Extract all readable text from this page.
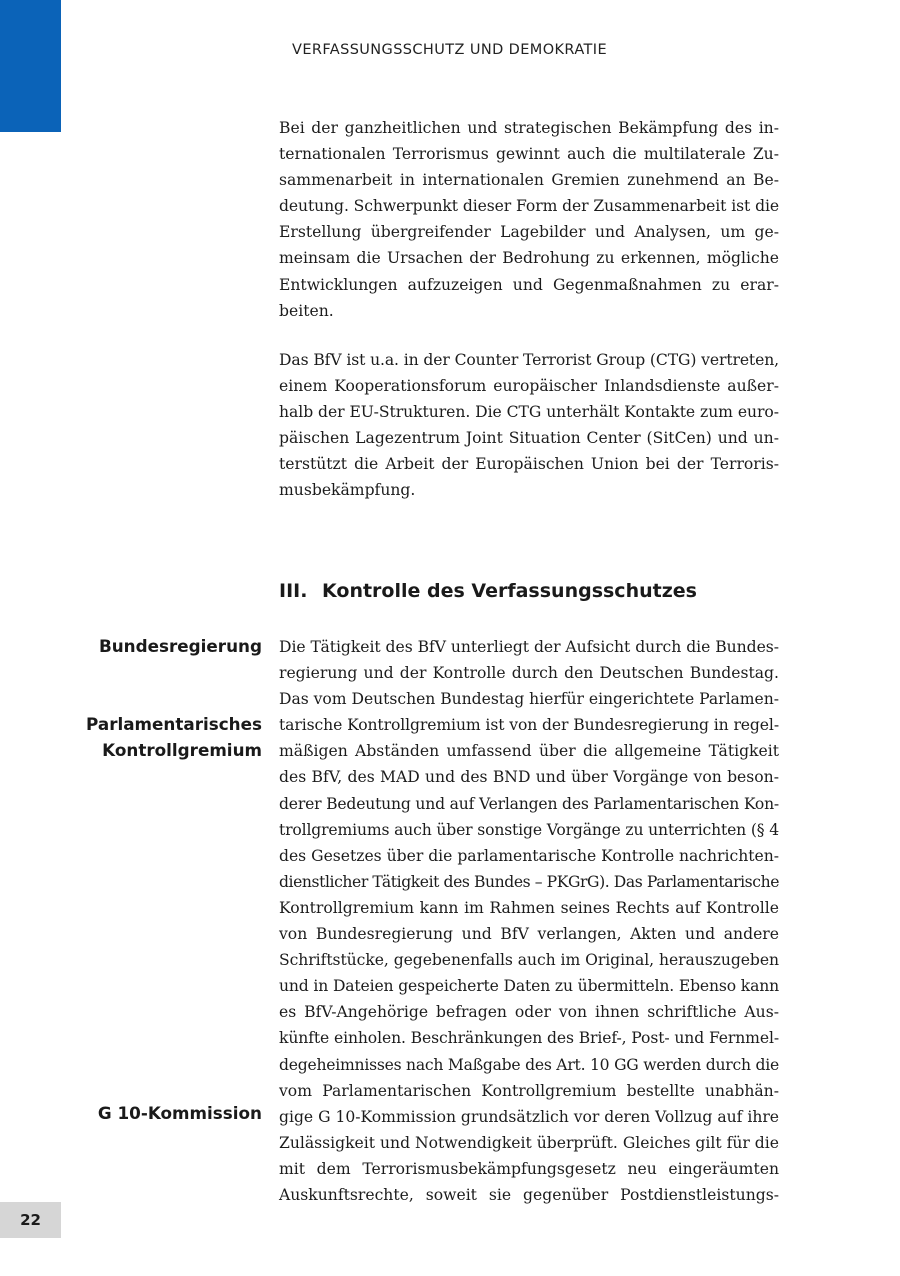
VERFASSUNGSSCHUTZ UND DEMOKRATIE
Bei der ganzheitlichen und strategischen Bekämpfung des in-
ternationalen Terrorismus gewinnt auch die multilaterale Zu-
sammenarbeit in internationalen Gremien zunehmend an Be-
deutung. Schwerpunkt dieser Form der Zusammenarbeit ist die
Erstellung übergreifender Lagebilder und Analysen, um ge-
meinsam die Ursachen der Bedrohung zu erkennen, mögliche
Entwicklungen aufzuzeigen und Gegenmaßnahmen zu erar-
beiten.
Das BfV ist u.a. in der Counter Terrorist Group (CTG) vertreten,
einem Kooperationsforum europäischer Inlandsdienste außer-
halb der EU-Strukturen. Die CTG unterhält Kontakte zum euro-
päischen Lagezentrum Joint Situation Center (SitCen) und un-
terstützt die Arbeit der Europäischen Union bei der Terroris-
musbekämpfung.
III. Kontrolle des Verfassungsschutzes
Bundesregierung
Parlamentarisches
Kontrollgremium
G 10-Kommission
Die Tätigkeit des BfV unterliegt der Aufsicht durch die Bundes-
regierung und der Kontrolle durch den Deutschen Bundestag.
Das vom Deutschen Bundestag hierfür eingerichtete Parlamen-
tarische Kontrollgremium ist von der Bundesregierung in regel-
mäßigen Abständen umfassend über die allgemeine Tätigkeit
des BfV, des MAD und des BND und über Vorgänge von beson-
derer Bedeutung und auf Verlangen des Parlamentarischen Kon-
trollgremiums auch über sonstige Vorgänge zu unterrichten (§ 4
des Gesetzes über die parlamentarische Kontrolle nachrichten-
dienstlicher Tätigkeit des Bundes – PKGrG). Das Parlamentarische
Kontrollgremium kann im Rahmen seines Rechts auf Kontrolle
von Bundesregierung und BfV verlangen, Akten und andere
Schriftstücke, gegebenenfalls auch im Original, herauszugeben
und in Dateien gespeicherte Daten zu übermitteln. Ebenso kann
es BfV-Angehörige befragen oder von ihnen schriftliche Aus-
künfte einholen. Beschränkungen des Brief-, Post- und Fernmel-
degeheimnisses nach Maßgabe des Art. 10 GG werden durch die
vom Parlamentarischen Kontrollgremium bestellte unabhän-
gige G 10-Kommission grundsätzlich vor deren Vollzug auf ihre
Zulässigkeit und Notwendigkeit überprüft. Gleiches gilt für die
mit dem Terrorismusbekämpfungsgesetz neu eingeräumten
Auskunftsrechte, soweit sie gegenüber Postdienstleistungs-
22
